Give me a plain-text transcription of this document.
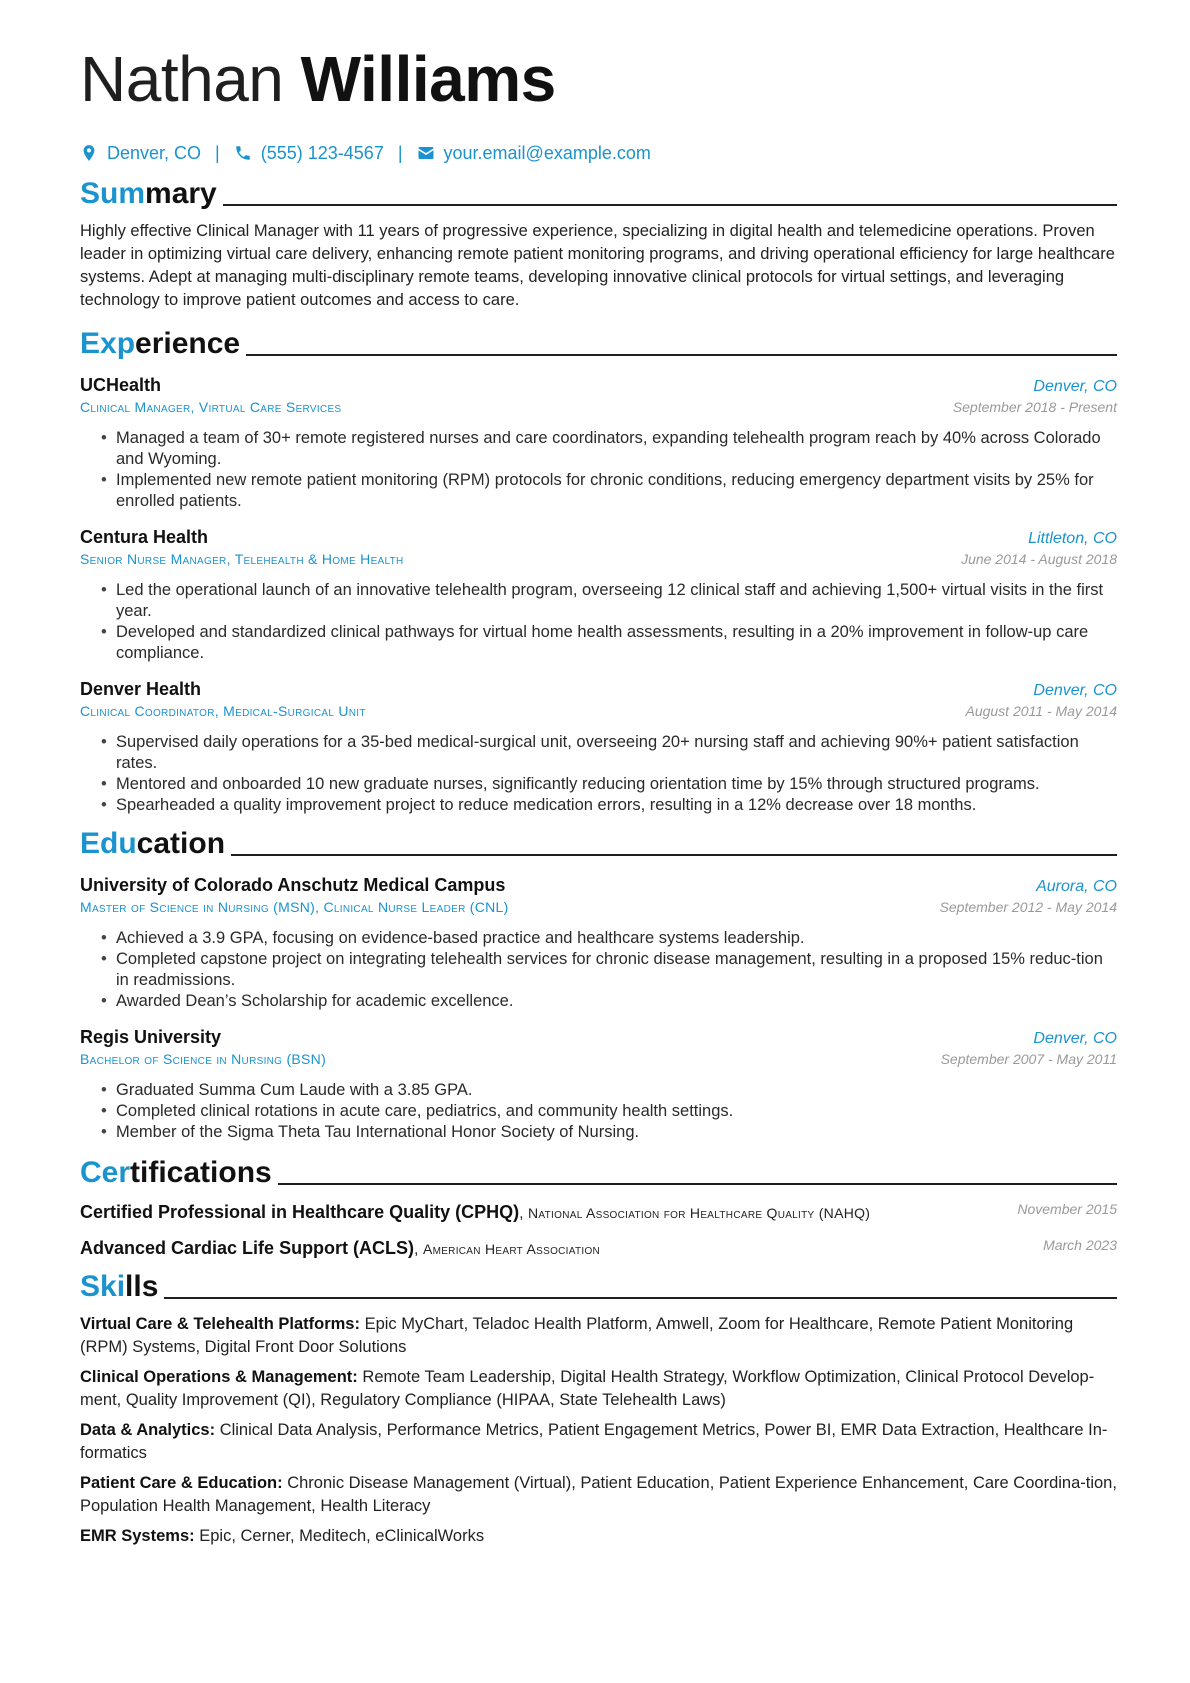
Nathan Williams
Denver, CO | (555) 123-4567 | your.email@example.com
Summary
Highly effective Clinical Manager with 11 years of progressive experience, specializing in digital health and telemedicine operations. Proven leader in optimizing virtual care delivery, enhancing remote patient monitoring programs, and driving operational efficiency for large healthcare systems. Adept at managing multi-disciplinary remote teams, developing innovative clinical protocols for virtual settings, and leveraging technology to improve patient outcomes and access to care.
Experience
UCHealth	Denver, CO
Clinical Manager, Virtual Care Services	September 2018 - Present
• Managed a team of 30+ remote registered nurses and care coordinators, expanding telehealth program reach by 40% across Colorado and Wyoming.
• Implemented new remote patient monitoring (RPM) protocols for chronic conditions, reducing emergency department visits by 25% for enrolled patients.
Centura Health	Littleton, CO
Senior Nurse Manager, Telehealth & Home Health	June 2014 - August 2018
• Led the operational launch of an innovative telehealth program, overseeing 12 clinical staff and achieving 1,500+ virtual visits in the first year.
• Developed and standardized clinical pathways for virtual home health assessments, resulting in a 20% improvement in follow-up care compliance.
Denver Health	Denver, CO
Clinical Coordinator, Medical-Surgical Unit	August 2011 - May 2014
• Supervised daily operations for a 35-bed medical-surgical unit, overseeing 20+ nursing staff and achieving 90%+ patient satisfaction rates.
• Mentored and onboarded 10 new graduate nurses, significantly reducing orientation time by 15% through structured programs.
• Spearheaded a quality improvement project to reduce medication errors, resulting in a 12% decrease over 18 months.
Education
University of Colorado Anschutz Medical Campus	Aurora, CO
Master of Science in Nursing (MSN), Clinical Nurse Leader (CNL)	September 2012 - May 2014
• Achieved a 3.9 GPA, focusing on evidence-based practice and healthcare systems leadership.
• Completed capstone project on integrating telehealth services for chronic disease management, resulting in a proposed 15% reduc-tion in readmissions.
• Awarded Dean’s Scholarship for academic excellence.
Regis University	Denver, CO
Bachelor of Science in Nursing (BSN)	September 2007 - May 2011
• Graduated Summa Cum Laude with a 3.85 GPA.
• Completed clinical rotations in acute care, pediatrics, and community health settings.
• Member of the Sigma Theta Tau International Honor Society of Nursing.
Certifications
Certified Professional in Healthcare Quality (CPHQ), National Association for Healthcare Quality (NAHQ)	November 2015
Advanced Cardiac Life Support (ACLS), American Heart Association	March 2023
Skills
Virtual Care & Telehealth Platforms: Epic MyChart, Teladoc Health Platform, Amwell, Zoom for Healthcare, Remote Patient Monitoring (RPM) Systems, Digital Front Door Solutions
Clinical Operations & Management: Remote Team Leadership, Digital Health Strategy, Workflow Optimization, Clinical Protocol Develop-ment, Quality Improvement (QI), Regulatory Compliance (HIPAA, State Telehealth Laws)
Data & Analytics: Clinical Data Analysis, Performance Metrics, Patient Engagement Metrics, Power BI, EMR Data Extraction, Healthcare In-formatics
Patient Care & Education: Chronic Disease Management (Virtual), Patient Education, Patient Experience Enhancement, Care Coordina-tion, Population Health Management, Health Literacy
EMR Systems: Epic, Cerner, Meditech, eClinicalWorks
